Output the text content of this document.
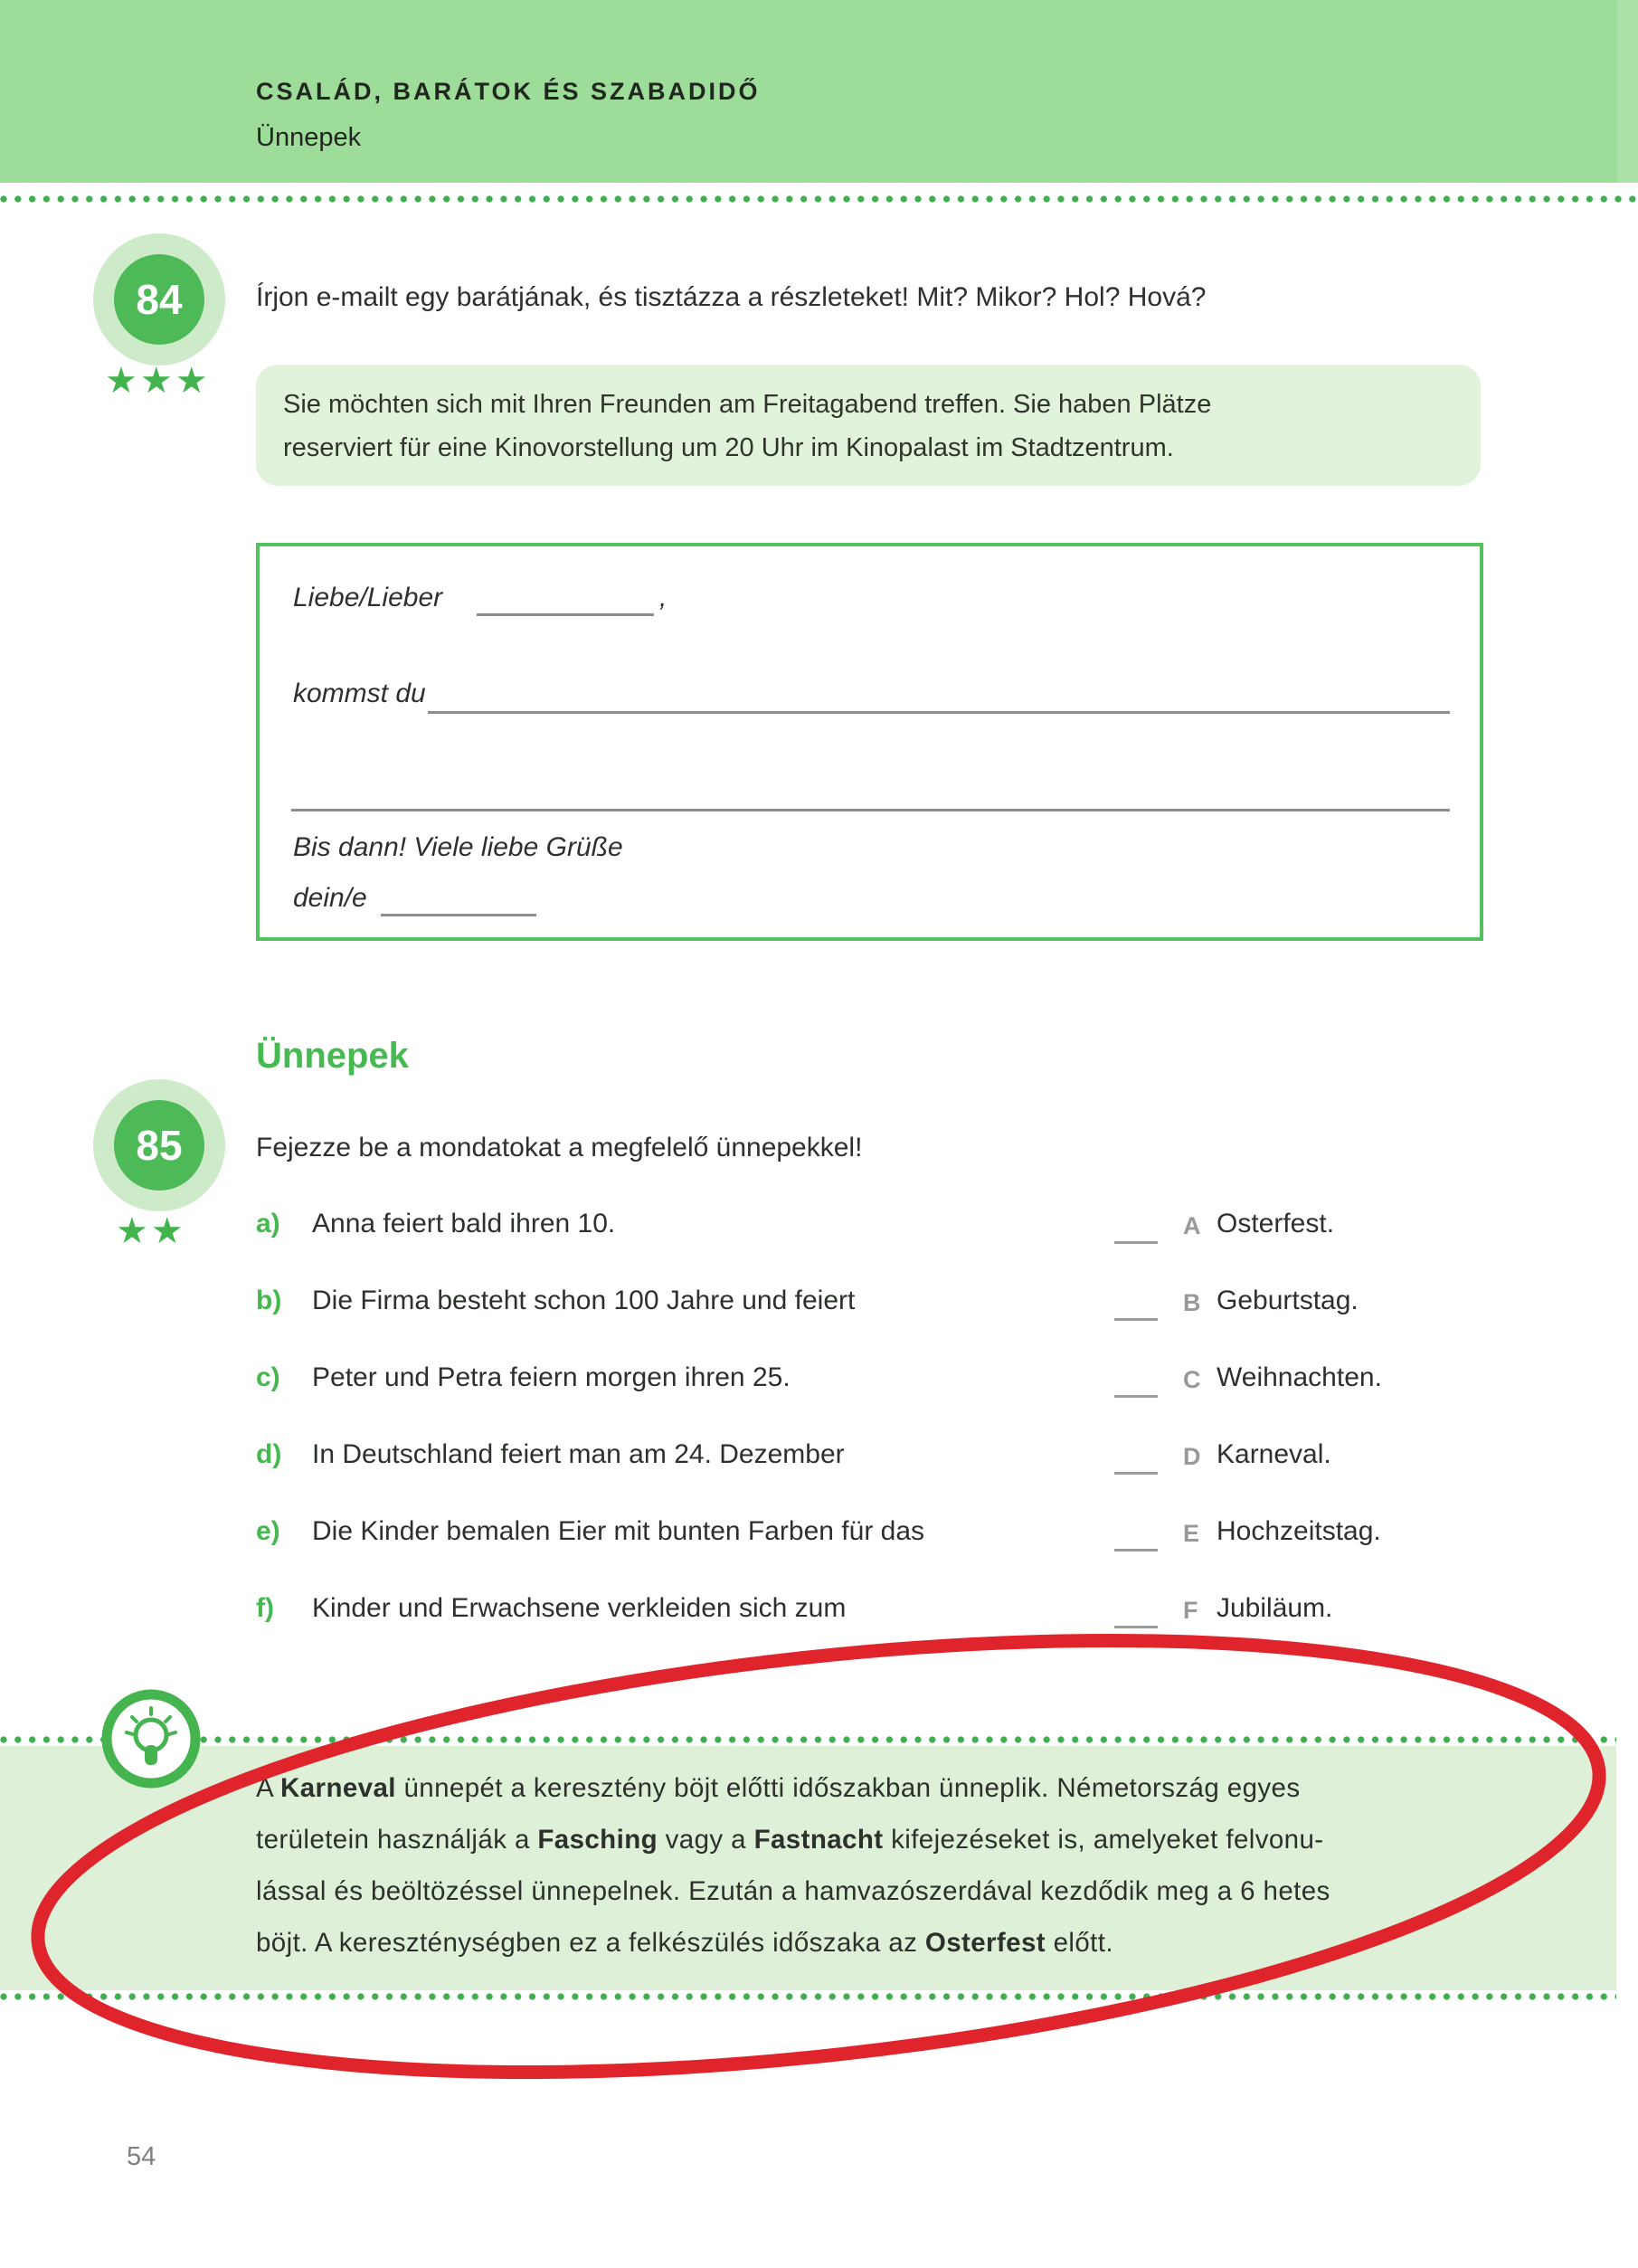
CSALÁD, BARÁTOK ÉS SZABADIDŐ
Ünnepek
84
★★★
Írjon e-mailt egy barátjának, és tisztázza a részleteket! Mit? Mikor? Hol? Hová?
Sie möchten sich mit Ihren Freunden am Freitagabend treffen. Sie haben Plätze
reserviert für eine Kinovorstellung um 20 Uhr im Kinopalast im Stadtzentrum.
Liebe/Lieber	,
kommst du
Bis dann! Viele liebe Grüße
dein/e
Ünnepek
85
★★
Fejezze be a mondatokat a megfelelő ünnepekkel!
a) Anna feiert bald ihren 10.	A Osterfest.
b) Die Firma besteht schon 100 Jahre und feiert	B Geburtstag.
c) Peter und Petra feiern morgen ihren 25.	C Weihnachten.
d) In Deutschland feiert man am 24. Dezember	D Karneval.
e) Die Kinder bemalen Eier mit bunten Farben für das	E Hochzeitstag.
f) Kinder und Erwachsene verkleiden sich zum	F Jubiläum.
A Karneval ünnepét a keresztény böjt előtti időszakban ünneplik. Németország egyes
területein használják a Fasching vagy a Fastnacht kifejezéseket is, amelyeket felvonu-
lással és beöltözéssel ünnepelnek. Ezután a hamvazószerdával kezdődik meg a 6 hetes
böjt. A kereszténységben ez a felkészülés időszaka az Osterfest előtt.
54
